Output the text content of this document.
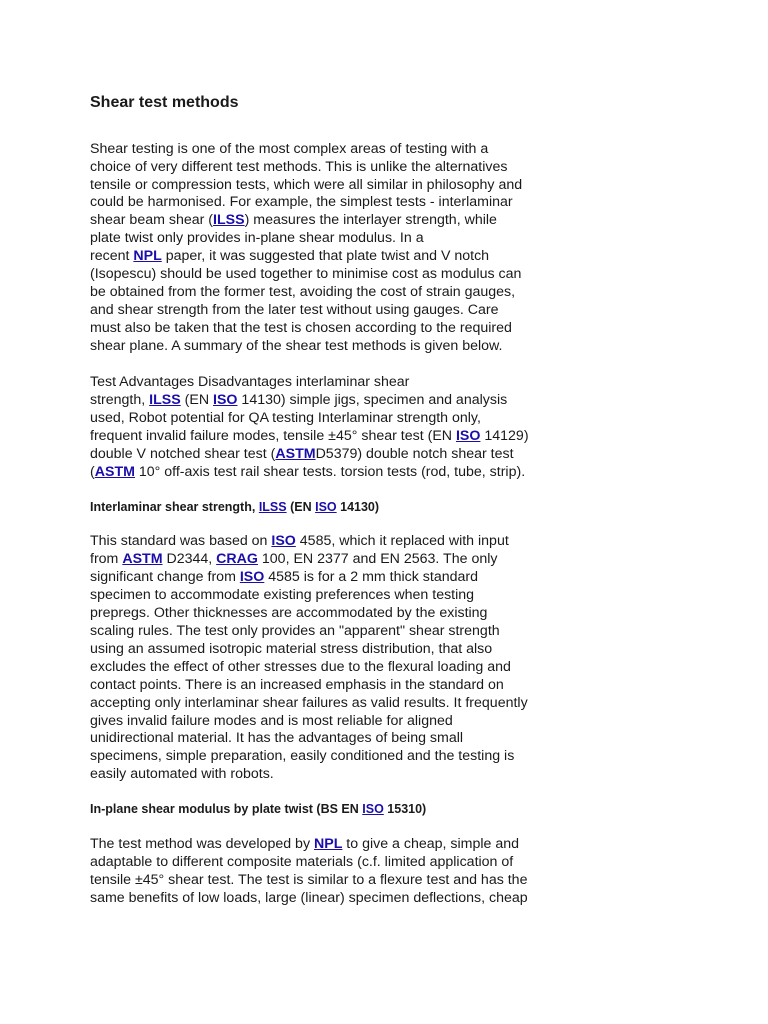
Shear test methods
Shear testing is one of the most complex areas of testing with a
choice of very different test methods. This is unlike the alternatives
tensile or compression tests, which were all similar in philosophy and
could be harmonised. For example, the simplest tests - interlaminar
shear beam shear (ILSS) measures the interlayer strength, while
plate twist only provides in-plane shear modulus. In a
recent NPL paper, it was suggested that plate twist and V notch
(Isopescu) should be used together to minimise cost as modulus can
be obtained from the former test, avoiding the cost of strain gauges,
and shear strength from the later test without using gauges. Care
must also be taken that the test is chosen according to the required
shear plane. A summary of the shear test methods is given below.
Test Advantages Disadvantages interlaminar shear
strength, ILSS (EN ISO 14130) simple jigs, specimen and analysis
used, Robot potential for QA testing Interlaminar strength only,
frequent invalid failure modes, tensile ±45° shear test (EN ISO 14129)
double V notched shear test (ASTMD5379) double notch shear test
(ASTM 10° off-axis test rail shear tests. torsion tests (rod, tube, strip).
Interlaminar shear strength, ILSS (EN ISO 14130)
This standard was based on ISO 4585, which it replaced with input
from ASTM D2344, CRAG 100, EN 2377 and EN 2563. The only
significant change from ISO 4585 is for a 2 mm thick standard
specimen to accommodate existing preferences when testing
prepregs. Other thicknesses are accommodated by the existing
scaling rules. The test only provides an "apparent" shear strength
using an assumed isotropic material stress distribution, that also
excludes the effect of other stresses due to the flexural loading and
contact points. There is an increased emphasis in the standard on
accepting only interlaminar shear failures as valid results. It frequently
gives invalid failure modes and is most reliable for aligned
unidirectional material. It has the advantages of being small
specimens, simple preparation, easily conditioned and the testing is
easily automated with robots.
In-plane shear modulus by plate twist (BS EN ISO 15310)
The test method was developed by NPL to give a cheap, simple and
adaptable to different composite materials (c.f. limited application of
tensile ±45° shear test. The test is similar to a flexure test and has the
same benefits of low loads, large (linear) specimen deflections, cheap
